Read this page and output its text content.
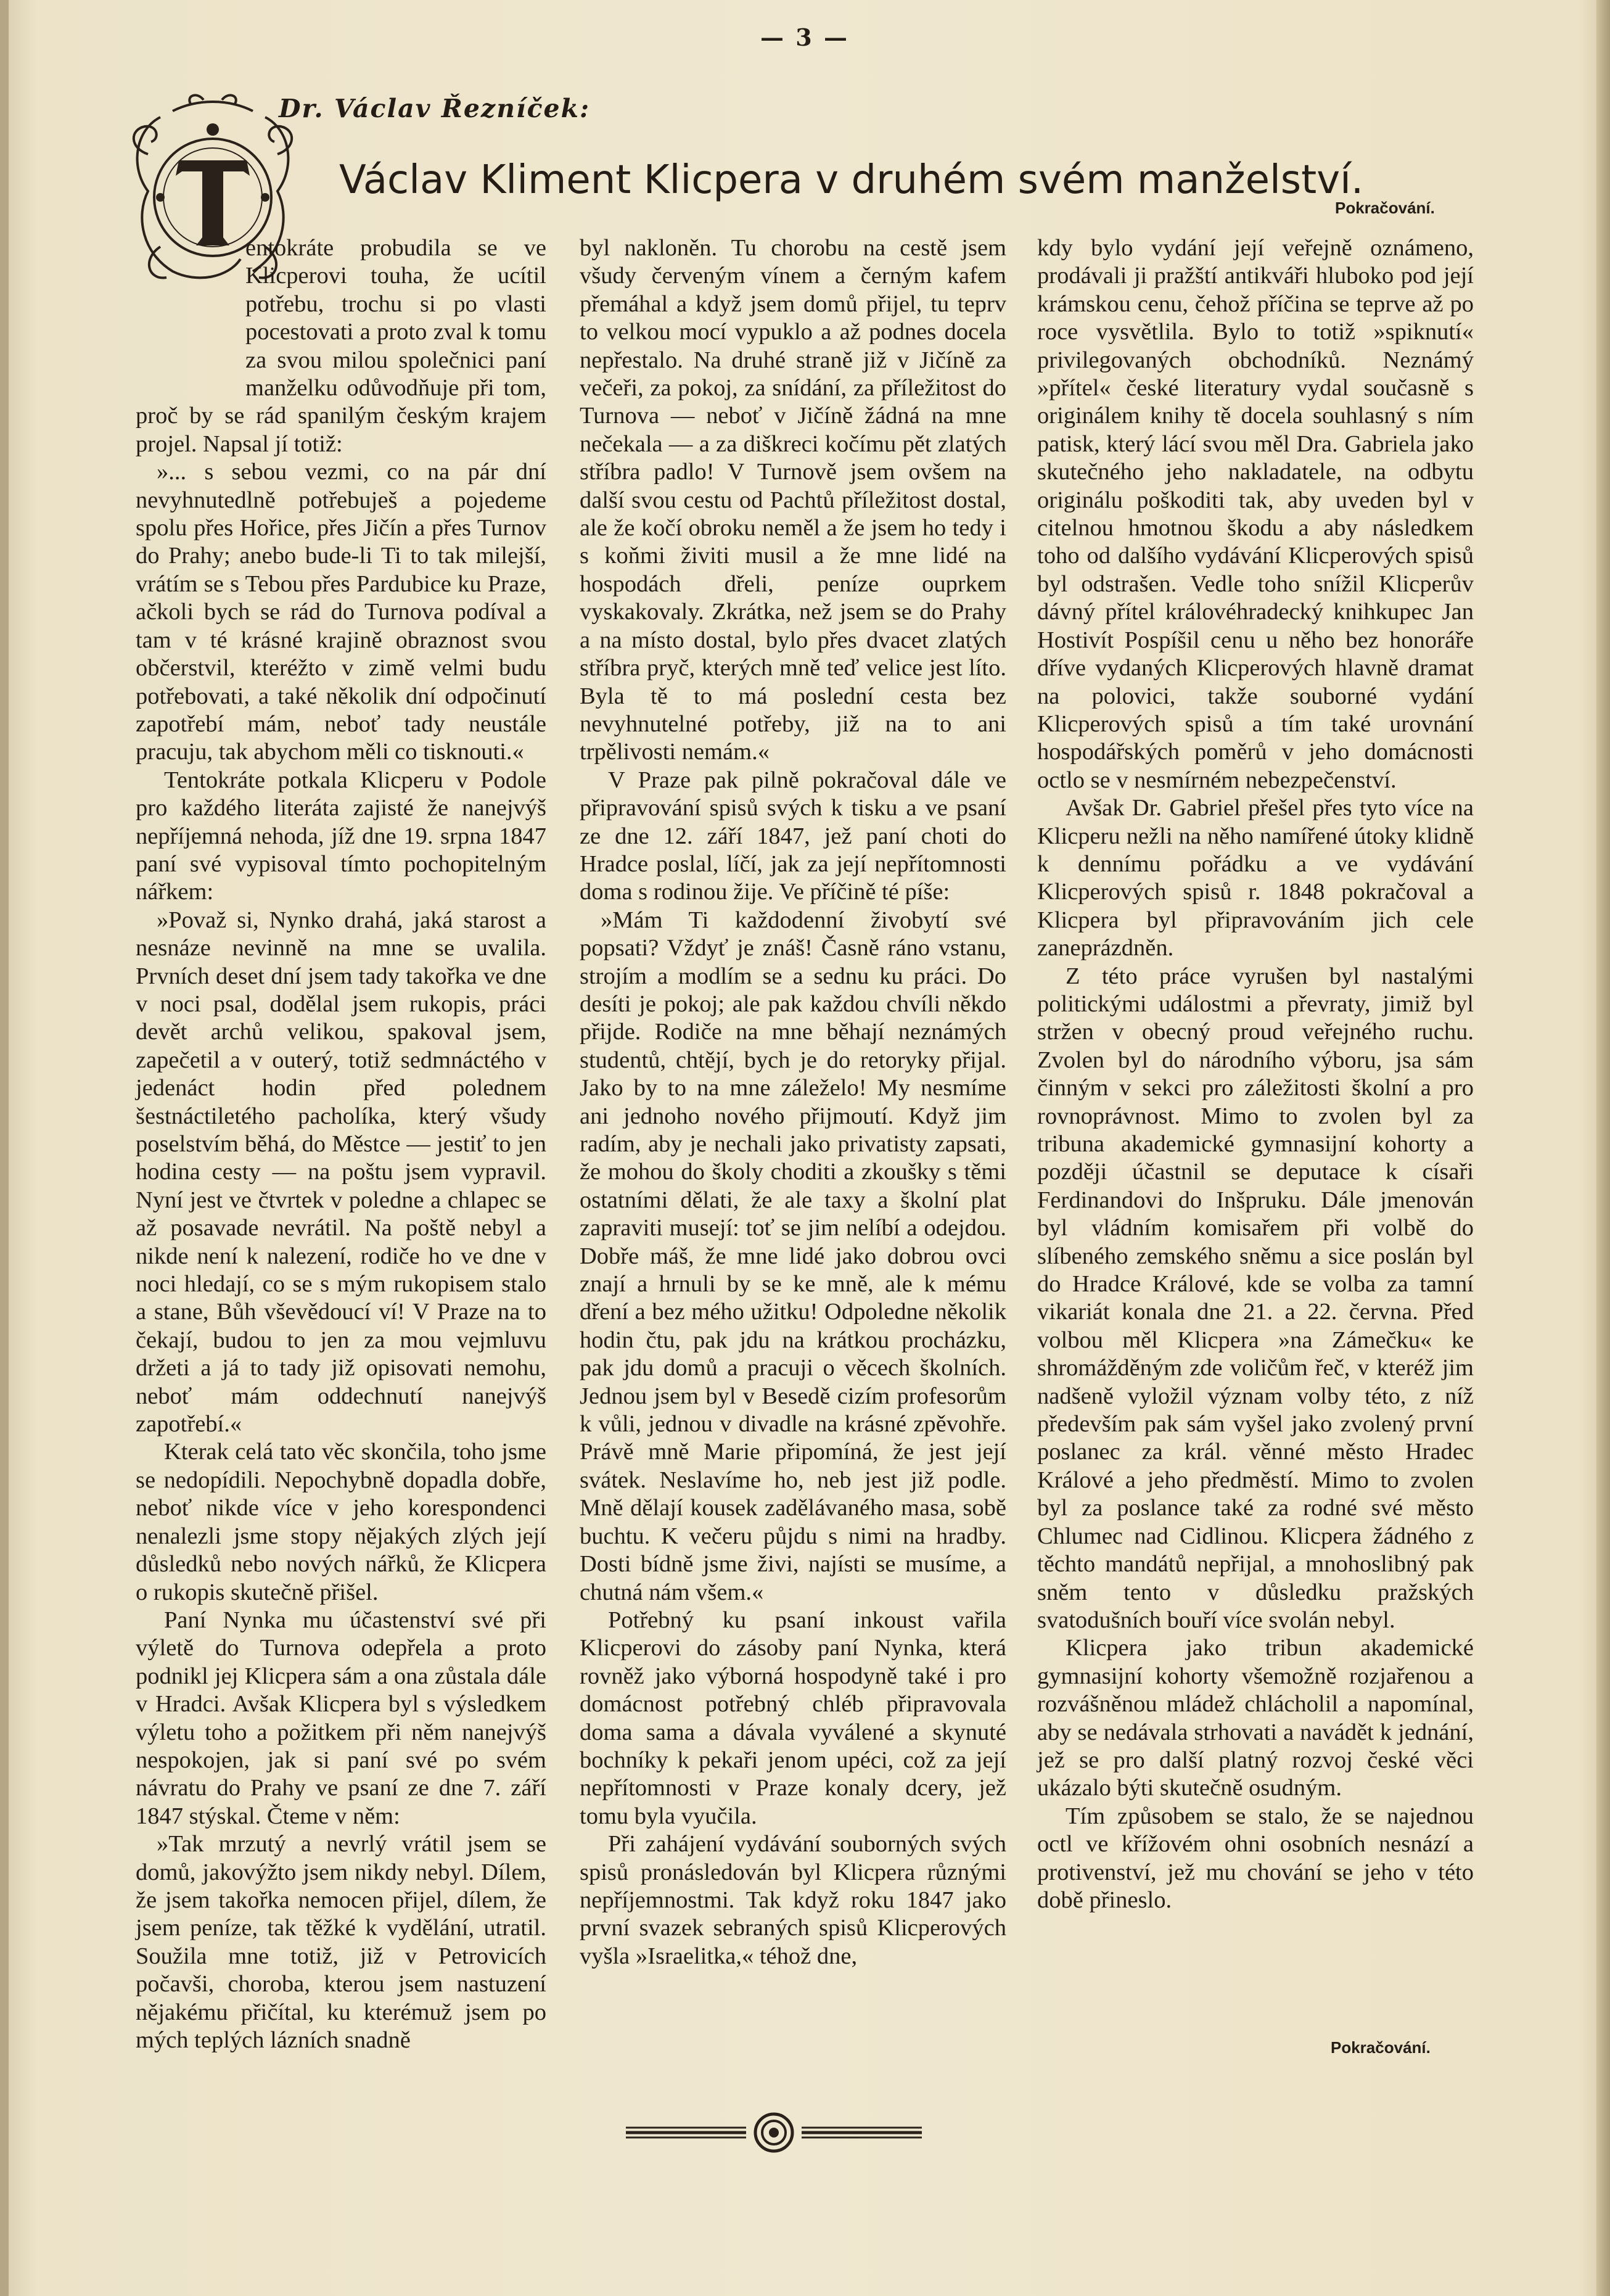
— 3 —
Dr. Václav Řezníček:
Václav Kliment Klicpera v druhém svém manželství.
Pokračování.

entokráte probudila se ve Klicperovi touha, že ucítil potřebu, trochu si po vlasti pocestovati a proto zval k tomu za svou milou společnici paní manželku odůvodňuje při tom, proč by se rád spanilým českým krajem projel. Napsal jí totiž:

»... s sebou vezmi, co na pár dní nevyhnutedlně potřebuješ a pojedeme spolu přes Hořice, přes Jičín a přes Turnov do Prahy; anebo bude-li Ti to tak milejší, vrátím se s Tebou přes Pardubice ku Praze, ačkoli bych se rád do Turnova podíval a tam v té krásné krajině obraznost svou občerstvil, kteréžto v zimě velmi budu potřebovati, a také několik dní odpočinutí zapotřebí mám, neboť tady neustále pracuju, tak abychom měli co tisknouti.«

Tentokráte potkala Klicperu v Podole pro každého literáta zajisté že nanejvýš nepříjemná nehoda, jíž dne 19. srpna 1847 paní své vypisoval tímto pochopitelným nářkem:

»Považ si, Nynko drahá, jaká starost a nesnáze nevinně na mne se uvalila. Prvních deset dní jsem tady takořka ve dne v noci psal, dodělal jsem rukopis, práci devět archů velikou, spakoval jsem, zapečetil a v outerý, totiž sedmnáctého v jedenáct hodin před polednem šestnáctiletého pacholíka, který všudy poselstvím běhá, do Městce — jestiť to jen hodina cesty — na poštu jsem vypravil. Nyní jest ve čtvrtek v poledne a chlapec se až posavade nevrátil. Na poště nebyl a nikde není k nalezení, rodiče ho ve dne v noci hledají, co se s mým rukopisem stalo a stane, Bůh vševědoucí ví! V Praze na to čekají, budou to jen za mou vejmluvu držeti a já to tady již opisovati nemohu, neboť mám oddechnutí nanejvýš zapotřebí.«

Kterak celá tato věc skončila, toho jsme se nedopídili. Nepochybně dopadla dobře, neboť nikde více v jeho korespondenci nenalezli jsme stopy nějakých zlých její důsledků nebo nových nářků, že Klicpera o rukopis skutečně přišel.

Paní Nynka mu účastenství své při výletě do Turnova odepřela a proto podnikl jej Klicpera sám a ona zůstala dále v Hradci. Avšak Klicpera byl s výsledkem výletu toho a požitkem při něm nanejvýš nespokojen, jak si paní své po svém návratu do Prahy ve psaní ze dne 7. září 1847 stýskal. Čteme v něm:

»Tak mrzutý a nevrlý vrátil jsem se domů, jakovýžto jsem nikdy nebyl. Dílem, že jsem takořka nemocen přijel, dílem, že jsem peníze, tak těžké k vydělání, utratil. Soužila mne totiž, již v Petrovicích počavši, choroba, kterou jsem nastuzení nějakému přičítal, ku kterémuž jsem po mých teplých lázních snadně

byl nakloněn. Tu chorobu na cestě jsem všudy červeným vínem a černým kafem přemáhal a když jsem domů přijel, tu teprv to velkou mocí vypuklo a až podnes docela nepřestalo. Na druhé straně již v Jičíně za večeři, za pokoj, za snídání, za příležitost do Turnova — neboť v Jičíně žádná na mne nečekala — a za diškreci kočímu pět zlatých stříbra padlo! V Turnově jsem ovšem na další svou cestu od Pachtů příležitost dostal, ale že kočí obroku neměl a že jsem ho tedy i s koňmi živiti musil a že mne lidé na hospodách dřeli, peníze ouprkem vyskakovaly. Zkrátka, než jsem se do Prahy a na místo dostal, bylo přes dvacet zlatých stříbra pryč, kterých mně teď velice jest líto. Byla tě to má poslední cesta bez nevyhnutelné potřeby, již na to ani trpělivosti nemám.«

V Praze pak pilně pokračoval dále ve připravování spisů svých k tisku a ve psaní ze dne 12. září 1847, jež paní choti do Hradce poslal, líčí, jak za její nepřítomnosti doma s rodinou žije. Ve příčině té píše:

»Mám Ti každodenní živobytí své popsati? Vždyť je znáš! Časně ráno vstanu, strojím a modlím se a sednu ku práci. Do desíti je pokoj; ale pak každou chvíli někdo přijde. Rodiče na mne běhají neznámých studentů, chtějí, bych je do retoryky přijal. Jako by to na mne záleželo! My nesmíme ani jednoho nového přijmoutí. Když jim radím, aby je nechali jako privatisty zapsati, že mohou do školy choditi a zkoušky s těmi ostatními dělati, že ale taxy a školní plat zapraviti musejí: toť se jim nelíbí a odejdou. Dobře máš, že mne lidé jako dobrou ovci znají a hrnuli by se ke mně, ale k mému dření a bez mého užitku! Odpoledne několik hodin čtu, pak jdu na krátkou procházku, pak jdu domů a pracuji o věcech školních. Jednou jsem byl v Besedě cizím profesorům k vůli, jednou v divadle na krásné zpěvohře. Právě mně Marie připomíná, že jest její svátek. Neslavíme ho, neb jest již podle. Mně dělají kousek zadělávaného masa, sobě buchtu. K večeru půjdu s nimi na hradby. Dosti bídně jsme živi, najísti se musíme, a chutná nám všem.«

Potřebný ku psaní inkoust vařila Klicperovi do zásoby paní Nynka, která rovněž jako výborná hospodyně také i pro domácnost potřebný chléb připravovala doma sama a dávala vyválené a skynuté bochníky k pekaři jenom upéci, což za její nepřítomnosti v Praze konaly dcery, jež tomu byla vyučila.

Při zahájení vydávání souborných svých spisů pronásledován byl Klicpera různými nepříjemnostmi. Tak když roku 1847 jako první svazek sebraných spisů Klicperových vyšla »Israelitka,« téhož dne,

kdy bylo vydání její veřejně oznámeno, prodávali ji pražští antikváři hluboko pod její krámskou cenu, čehož příčina se teprve až po roce vysvětlila. Bylo to totiž »spiknutí« privilegovaných obchodníků. Neznámý »přítel« české literatury vydal současně s originálem knihy tě docela souhlasný s ním patisk, který lácí svou měl Dra. Gabriela jako skutečného jeho nakladatele, na odbytu originálu poškoditi tak, aby uveden byl v citelnou hmotnou škodu a aby následkem toho od dalšího vydávání Klicperových spisů byl odstrašen. Vedle toho snížil Klicperův dávný přítel královéhradecký knihkupec Jan Hostivít Pospíšil cenu u něho bez honoráře dříve vydaných Klicperových hlavně dramat na polovici, takže souborné vydání Klicperových spisů a tím také urovnání hospodářských poměrů v jeho domácnosti octlo se v nesmírném nebezpečenství.

Avšak Dr. Gabriel přešel přes tyto více na Klicperu nežli na něho namířené útoky klidně k dennímu pořádku a ve vydávání Klicperových spisů r. 1848 pokračoval a Klicpera byl připravováním jich cele zaneprázdněn.

Z této práce vyrušen byl nastalými politickými událostmi a převraty, jimiž byl stržen v obecný proud veřejného ruchu. Zvolen byl do národního výboru, jsa sám činným v sekci pro záležitosti školní a pro rovnoprávnost. Mimo to zvolen byl za tribuna akademické gymnasijní kohorty a později účastnil se deputace k císaři Ferdinandovi do Inšpruku. Dále jmenován byl vládním komisařem při volbě do slíbeného zemského sněmu a sice poslán byl do Hradce Králové, kde se volba za tamní vikariát konala dne 21. a 22. června. Před volbou měl Klicpera »na Zámečku« ke shromážděným zde voličům řeč, v kteréž jim nadšeně vyložil význam volby této, z níž především pak sám vyšel jako zvolený první poslanec za král. věnné město Hradec Králové a jeho předměstí. Mimo to zvolen byl za poslance také za rodné své město Chlumec nad Cidlinou. Klicpera žádného z těchto mandátů nepřijal, a mnohoslibný pak sněm tento v důsledku pražských svatodušních bouří více svolán nebyl.

Klicpera jako tribun akademické gymnasijní kohorty všemožně rozjařenou a rozvášněnou mládež chlácholil a napomínal, aby se nedávala strhovati a navádět k jednání, jež se pro další platný rozvoj české věci ukázalo býti skutečně osudným.

Tím způsobem se stalo, že se najednou octl ve křížovém ohni osobních nesnází a protivenství, jež mu chování se jeho v této době přineslo.

Pokračování.
